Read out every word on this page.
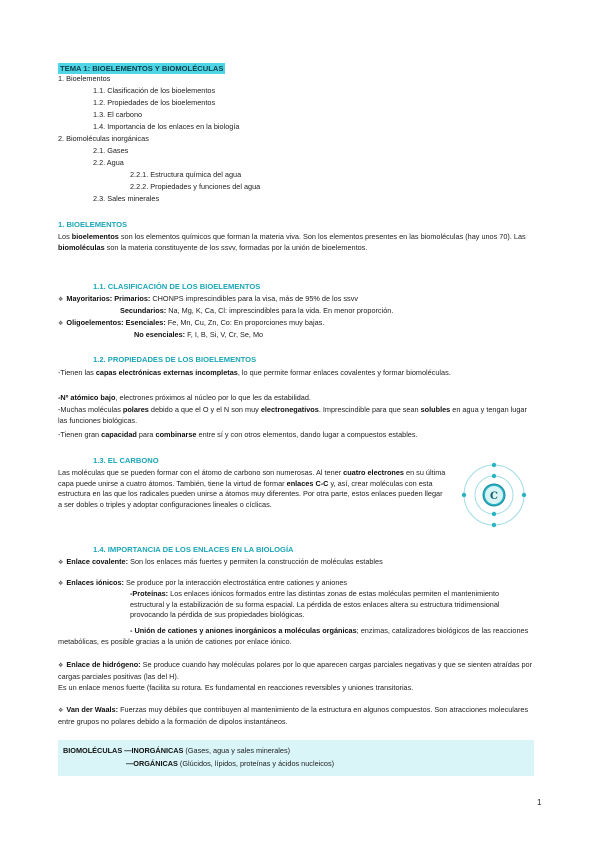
TEMA 1: BIOELEMENTOS Y BIOMOLÉCULAS
1. Bioelementos
1.1. Clasificación de los bioelementos
1.2. Propiedades de los bioelementos
1.3. El carbono
1.4. Importancia de los enlaces en la biología
2. Biomoléculas inorgánicas
2.1. Gases
2.2. Agua
2.2.1. Estructura química del agua
2.2.2. Propiedades y funciones del agua
2.3. Sales minerales
1. BIOELEMENTOS
Los bioelementos son los elementos químicos que forman la materia viva. Son los elementos presentes en las biomoléculas (hay unos 70). Las biomoléculas son la materia constituyente de los ssvv, formadas por la unión de bioelementos.
1.1. CLASIFICACIÓN DE LOS BIOELEMENTOS
❖ Mayoritarios: Primarios: CHONPS imprescindibles para la visa, más de 95% de los ssvv
Secundarios: Na, Mg, K, Ca, Cl: imprescindibles para la vida. En menor proporción.
❖ Oligoelementos: Esenciales: Fe, Mn, Cu, Zn, Co: En proporciones muy bajas.
No esenciales: F, I, B, Si, V, Cr, Se, Mo
1.2. PROPIEDADES DE LOS BIOELEMENTOS
-Tienen las capas electrónicas externas incompletas, lo que permite formar enlaces covalentes y formar biomoléculas.
-Nº atómico bajo, electrones próximos al núcleo por lo que les da estabilidad.
-Muchas moléculas polares debido a que el O y el N son muy electronegativos. Imprescindible para que sean solubles en agua y tengan lugar las funciones biológicas.
-Tienen gran capacidad para combinarse entre sí y con otros elementos, dando lugar a compuestos estables.
1.3. EL CARBONO
Las moléculas que se pueden formar con el átomo de carbono son numerosas. Al tener cuatro electrones en su última capa puede unirse a cuatro átomos. También, tiene la virtud de formar enlaces C-C y, así, crear moléculas con esta estructura en las que los radicales pueden unirse a átomos muy diferentes. Por otra parte, estos enlaces pueden llegar a ser dobles o triples y adoptar configuraciones lineales o cíclicas.
C
1.4. IMPORTANCIA DE LOS ENLACES EN LA BIOLOGÍA
❖ Enlace covalente: Son los enlaces más fuertes y permiten la construcción de moléculas estables
❖ Enlaces iónicos: Se produce por la interacción electrostática entre cationes y aniones
-Proteínas: Los enlaces iónicos formados entre las distintas zonas de estas moléculas permiten el mantenimiento estructural y la estabilización de su forma espacial. La pérdida de estos enlaces altera su estructura tridimensional provocando la pérdida de sus propiedades biológicas.
- Unión de cationes y aniones inorgánicos a moléculas orgánicas; enzimas, catalizadores biológicos de las reacciones metabólicas, es posible gracias a la unión de cationes por enlace iónico.
❖ Enlace de hidrógeno: Se produce cuando hay moléculas polares por lo que aparecen cargas parciales negativas y que se sienten atraídas por cargas parciales positivas (las del H).
Es un enlace menos fuerte (facilita su rotura. Es fundamental en reacciones reversibles y uniones transitorias.
❖ Van der Waals: Fuerzas muy débiles que contribuyen al mantenimiento de la estructura en algunos compuestos. Son atracciones moleculares entre grupos no polares debido a la formación de dipolos instantáneos.
BIOMOLÉCULAS —INORGÁNICAS (Gases, agua y sales minerales)
—ORGÁNICAS (Glúcidos, lípidos, proteínas y ácidos nucleicos)
1
